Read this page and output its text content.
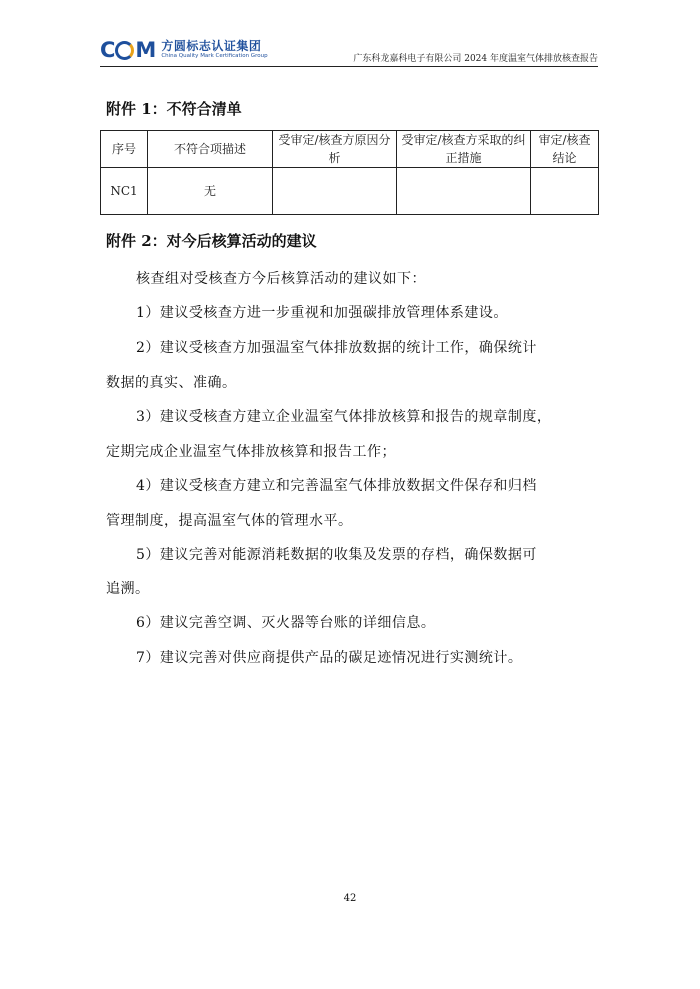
C M 方圆标志认证集团
China Quality Mark Certification Group	广东科龙嘉科电子有限公司 2024 年度温室气体排放核查报告
附件 1：不符合清单
序号	不符合项描述	受审定/核查方原因分析	受审定/核查方采取的纠正措施	审定/核查结论
NC1	无			
附件 2：对今后核算活动的建议
核查组对受核查方今后核算活动的建议如下：
1）建议受核查方进一步重视和加强碳排放管理体系建设。
2）建议受核查方加强温室气体排放数据的统计工作，确保统计
数据的真实、准确。
3）建议受核查方建立企业温室气体排放核算和报告的规章制度，
定期完成企业温室气体排放核算和报告工作；
4）建议受核查方建立和完善温室气体排放数据文件保存和归档
管理制度，提高温室气体的管理水平。
5）建议完善对能源消耗数据的收集及发票的存档，确保数据可
追溯。
6）建议完善空调、灭火器等台账的详细信息。
7）建议完善对供应商提供产品的碳足迹情况进行实测统计。
42
